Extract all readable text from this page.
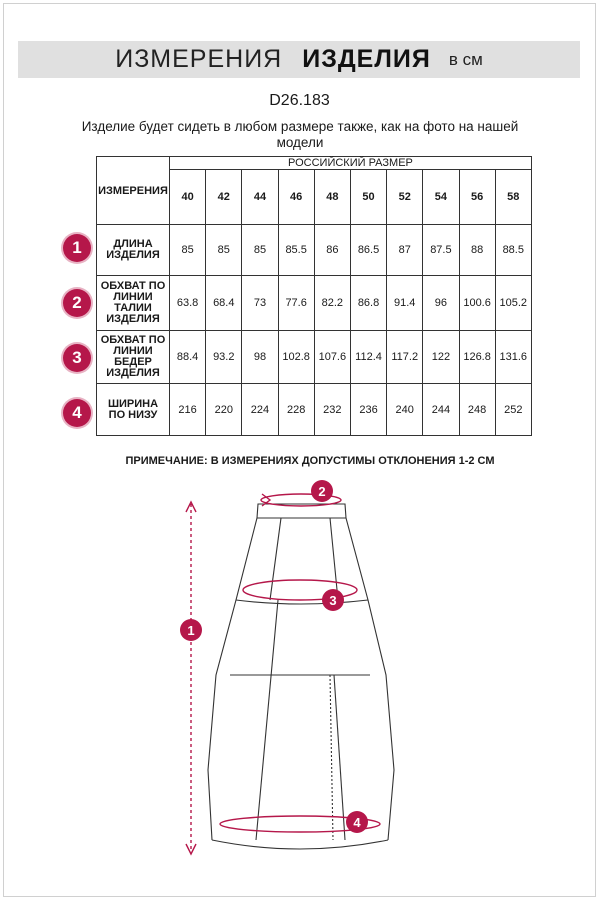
ИЗМЕРЕНИЯ ИЗДЕЛИЯ в см
D26.183
Изделие будет сидеть в любом размере также, как на фото на нашей модели
ИЗМЕРЕНИЯ	РОССИЙСКИЙ РАЗМЕР									
	40	42	44	46	48	50	52	54	56	58
ДЛИНА ИЗДЕЛИЯ	85	85	85	85.5	86	86.5	87	87.5	88	88.5
ОБХВАТ ПО ЛИНИИ ТАЛИИ ИЗДЕЛИЯ	63.8	68.4	73	77.6	82.2	86.8	91.4	96	100.6	105.2
ОБХВАТ ПО ЛИНИИ БЕДЕР ИЗДЕЛИЯ	88.4	93.2	98	102.8	107.6	112.4	117.2	122	126.8	131.6
ШИРИНА ПО НИЗУ	216	220	224	228	232	236	240	244	248	252
1
2
3
4
ПРИМЕЧАНИЕ: В ИЗМЕРЕНИЯХ ДОПУСТИМЫ ОТКЛОНЕНИЯ 1-2 СМ
1
2
3
4
